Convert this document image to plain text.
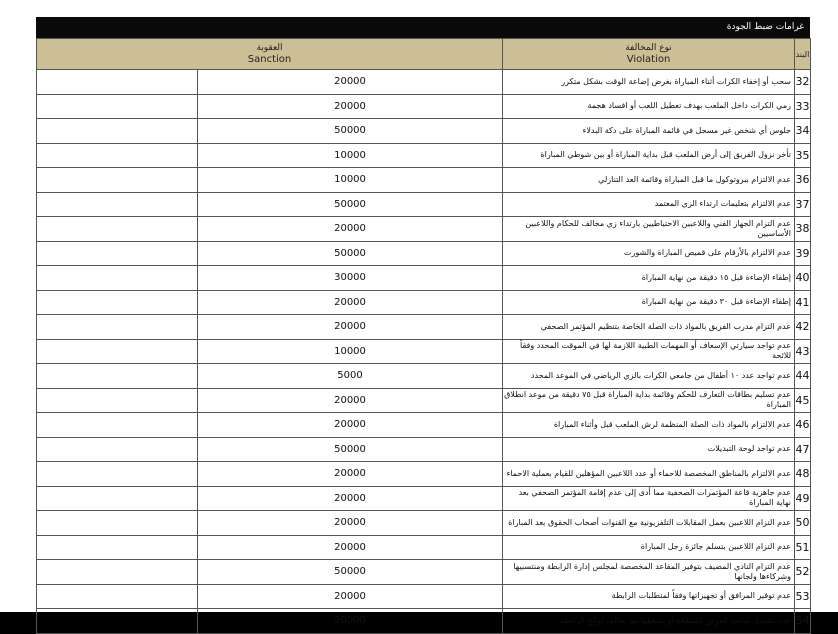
غرامات ضبط الجودة
البند	نوع المخالفة
Violation	العقوبة
Sanction	

32	سحب أو إخفاء الكرات أثناء المباراة بغرض إضاعة الوقت بشكل متكرر	20000	
33	رمي الكرات داخل الملعب بهدف تعطيل اللعب أو افساد هجمة	20000	
34	جلوس أي شخص غير مسجل في قائمة المباراة على دكة البدلاء	50000	
35	تأخر نزول الفريق إلى أرض الملعب قبل بداية المباراة أو بين شوطي المباراة	10000	
36	عدم الالتزام ببروتوكول ما قبل المباراة وقائمة العد التنازلي	10000	
37	عدم الالتزام بتعليمات ارتداء الزي المعتمد	50000	
38	عدم التزام الجهاز الفني واللاعبين الاحتياطيين بارتداء زي مخالف للحكام واللاعبين الأساسيين	20000	
39	عدم الالتزام بالأرقام على قميص المباراة والشورت	50000	
40	إطفاء الإضاءة قبل ١٥ دقيقة من نهاية المباراة	30000	
41	إطفاء الإضاءة قبل ٣٠ دقيقة من نهاية المباراة	20000	
42	عدم التزام مدرب الفريق بالمواد ذات الصلة الخاصة بتنظيم المؤتمر الصحفي	20000	
43	عدم تواجد سيارتي الإسعاف أو المهمات الطبية اللازمة لها في الموقت المحدد وفقاً للائحة	10000	
44	عدم تواجد عدد ١٠ أطفال من جامعي الكرات بالزي الرياضي في الموعد المحدد	5000	
45	عدم تسليم بطاقات التعارف للحكم وقائمة بداية المباراة قبل ٧٥ دقيقة من موعد انطلاق المباراة	20000	
46	عدم الالتزام بالمواد ذات الصلة المنظمة لرش الملعب قبل وأثناء المباراة	20000	
47	عدم تواجد لوحة التبديلات	50000	
48	عدم الالتزام بالمناطق المخصصة للاحماء أو عدد اللاعبين المؤهلين للقيام بعملية الاحماء	20000	
49	عدم جاهزية قاعة المؤتمرات الصحفية مما أدى إلى عدم إقامة المؤتمر الصحفي بعد نهاية المباراة	20000	
50	عدم التزام اللاعبين بعمل المقابلات التلفزيونية مع القنوات أصحاب الحقوق بعد المباراة	20000	
51	عدم التزام اللاعبين بتسلم جائزة رجل المباراة	20000	
52	عدم التزام النادي المضيف بتوفير المقاعد المخصصة لمجلس إدارة الرابطة ومنتسبيها وشركاءها ولجانها	50000	
53	عدم توفير المرافق أو تجهيزاتها وفقاً لمتطلبات الرابطة	20000	
54	عدم تشغيل شاشة العرض العملاقة أو تشغيلها بما يخالف لوائح الرابطة	20000	
